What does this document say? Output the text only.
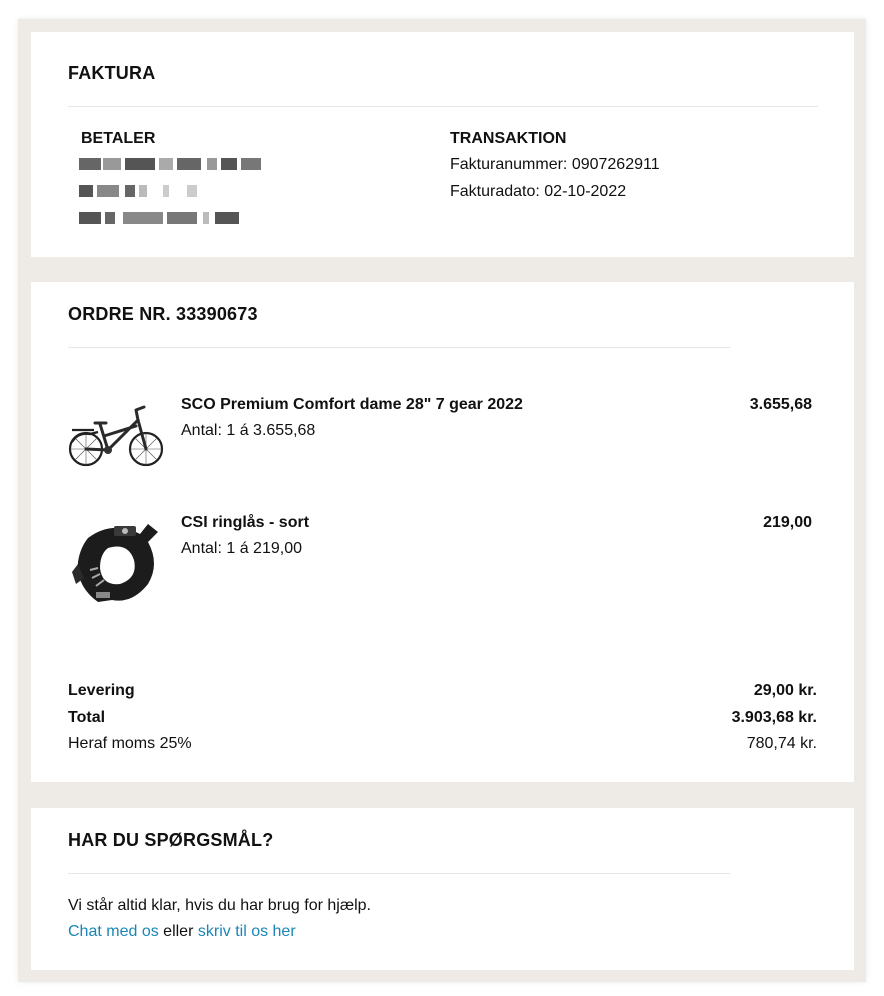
FAKTURA
BETALER	TRANSAKTION
Fakturanummer: 0907262911
Fakturadato: 02-10-2022
ORDRE NR. 33390673
SCO Premium Comfort dame 28" 7 gear 2022
Antal: 1 á 3.655,68
3.655,68
CSI ringlås - sort
Antal: 1 á 219,00
219,00
Levering	29,00 kr.
Total	3.903,68 kr.
Heraf moms 25%	780,74 kr.
HAR DU SPØRGSMÅL?
Vi står altid klar, hvis du har brug for hjælp.
Chat med os eller skriv til os her
